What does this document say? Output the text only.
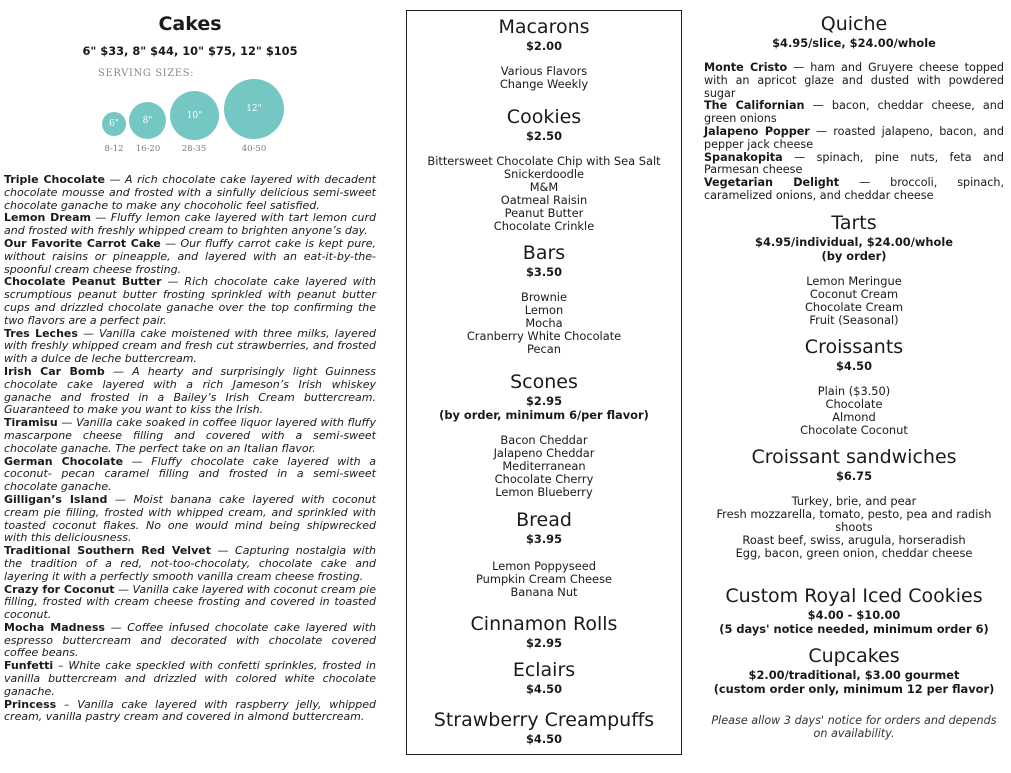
Cakes
6" $33, 8" $44, 10" $75, 12" $105
SERVING SIZES:
6"	8"	10"
12"
8-12	16-20	28-35	40-50
Triple Chocolate — A rich chocolate cake layered with decadent chocolate mousse and frosted with a sinfully delicious semi-sweet chocolate ganache to make any chocoholic feel satisfied.
Lemon Dream — Fluffy lemon cake layered with tart lemon curd and frosted with freshly whipped cream to brighten anyone’s day.
Our Favorite Carrot Cake — Our fluffy carrot cake is kept pure, without raisins or pineapple, and layered with an eat-it-by-the-spoonful cream cheese frosting.
Chocolate Peanut Butter — Rich chocolate cake layered with scrumptious peanut butter frosting sprinkled with peanut butter cups and drizzled chocolate ganache over the top confirming the two flavors are a perfect pair.
Tres Leches — Vanilla cake moistened with three milks, layered with freshly whipped cream and fresh cut strawberries, and frosted with a dulce de leche buttercream.
Irish Car Bomb — A hearty and surprisingly light Guinness chocolate cake layered with a rich Jameson’s Irish whiskey ganache and frosted in a Bailey’s Irish Cream buttercream. Guaranteed to make you want to kiss the Irish.
Tiramisu — Vanilla cake soaked in coffee liquor layered with fluffy mascarpone cheese filling and covered with a semi-sweet chocolate ganache. The perfect take on an Italian flavor.
German Chocolate — Fluffy chocolate cake layered with a coconut- pecan caramel filling and frosted in a semi-sweet chocolate ganache.
Gilligan’s Island — Moist banana cake layered with coconut cream pie filling, frosted with whipped cream, and sprinkled with toasted coconut flakes. No one would mind being shipwrecked with this deliciousness.
Traditional Southern Red Velvet — Capturing nostalgia with the tradition of a red, not-too-chocolaty, chocolate cake and layering it with a perfectly smooth vanilla cream cheese frosting.
Crazy for Coconut — Vanilla cake layered with coconut cream pie filling, frosted with cream cheese frosting and covered in toasted coconut.
Mocha Madness — Coffee infused chocolate cake layered with espresso buttercream and decorated with chocolate covered coffee beans.
Funfetti – White cake speckled with confetti sprinkles, frosted in vanilla buttercream and drizzled with colored white chocolate ganache.
Princess – Vanilla cake layered with raspberry jelly, whipped cream, vanilla pastry cream and covered in almond buttercream.
Macarons
$2.00
Various Flavors
Change Weekly
Cookies
$2.50
Bittersweet Chocolate Chip with Sea Salt
Snickerdoodle
M&M
Oatmeal Raisin
Peanut Butter
Chocolate Crinkle
Bars
$3.50
Brownie
Lemon
Mocha
Cranberry White Chocolate
Pecan
Scones
$2.95
(by order, minimum 6/per flavor)
Bacon Cheddar
Jalapeno Cheddar
Mediterranean
Chocolate Cherry
Lemon Blueberry
Bread
$3.95
Lemon Poppyseed
Pumpkin Cream Cheese
Banana Nut
Cinnamon Rolls
$2.95
Eclairs
$4.50
Strawberry Creampuffs
$4.50
Quiche
$4.95/slice, $24.00/whole
Monte Cristo — ham and Gruyere cheese topped with an apricot glaze and dusted with powdered sugar
The Californian — bacon, cheddar cheese, and green onions
Jalapeno Popper — roasted jalapeno, bacon, and pepper jack cheese
Spanakopita — spinach, pine nuts, feta and Parmesan cheese
Vegetarian Delight — broccoli, spinach, caramelized onions, and cheddar cheese
Tarts
$4.95/individual, $24.00/whole
(by order)
Lemon Meringue
Coconut Cream
Chocolate Cream
Fruit (Seasonal)
Croissants
$4.50
Plain ($3.50)
Chocolate
Almond
Chocolate Coconut
Croissant sandwiches
$6.75
Turkey, brie, and pear
Fresh mozzarella, tomato, pesto, pea and radish shoots
Roast beef, swiss, arugula, horseradish
Egg, bacon, green onion, cheddar cheese
Custom Royal Iced Cookies
$4.00 - $10.00
(5 days' notice needed, minimum order 6)
Cupcakes
$2.00/traditional, $3.00 gourmet
(custom order only, minimum 12 per flavor)
Please allow 3 days' notice for orders and depends on availability.
